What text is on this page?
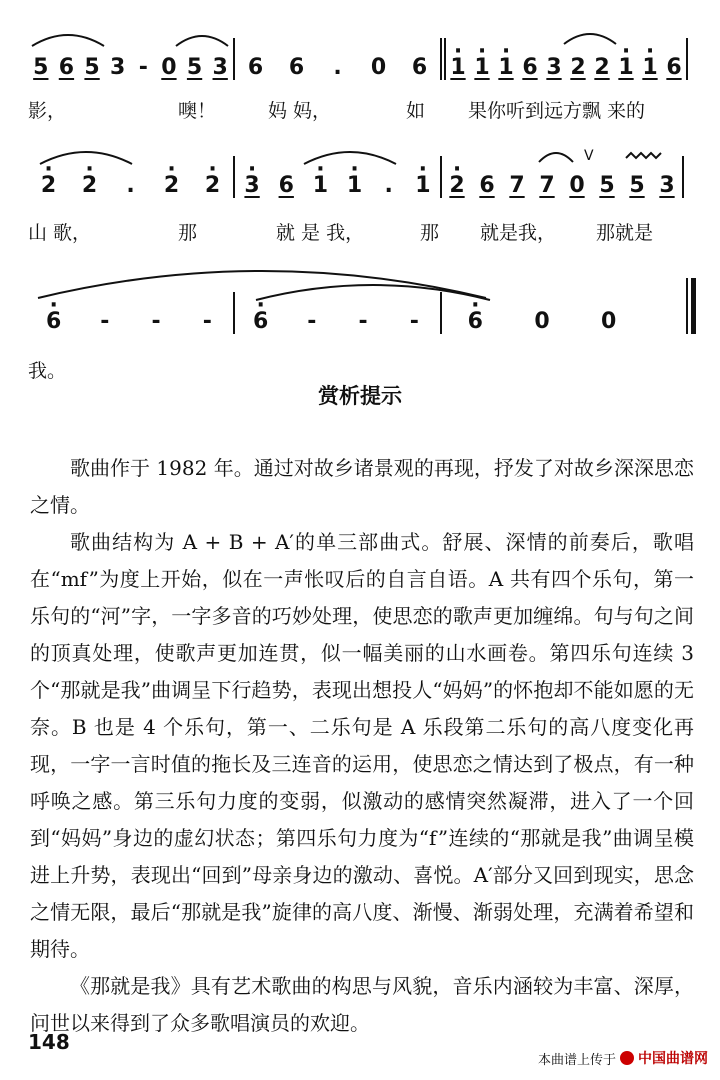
5 6 5 3 - 0 5 3 6 6 . 0 6 · 1 · 1 · 1 6 3 2 2 · 1 · 1 6
影，	噢！	妈 妈，	如 果你听到远方飘 来的
· 2 · 2 . · 2 · 2 · 3 6 · 1 · 1 . · 1 · 2 6 7 7 0 5 5 3
V
山 歌，	那	就 是 我，	那 就是我， 那就是
· 6 - - - · 6 - - - · 6 0 0
我。
赏析提示

歌曲作于 1982 年。通过对故乡诸景观的再现，抒发了对故乡深深思恋之情。

歌曲结构为 A + B + A′的单三部曲式。舒展、深情的前奏后，歌唱在“mf”为度上开始，似在一声怅叹后的自言自语。A 共有四个乐句，第一乐句的“河”字，一字多音的巧妙处理，使思恋的歌声更加缠绵。句与句之间的顶真处理，使歌声更加连贯，似一幅美丽的山水画卷。第四乐句连续 3 个“那就是我”曲调呈下行趋势，表现出想投人“妈妈”的怀抱却不能如愿的无奈。B 也是 4 个乐句，第一、二乐句是 A 乐段第二乐句的高八度变化再现，一字一言时值的拖长及三连音的运用，使思恋之情达到了极点，有一种呼唤之感。第三乐句力度的变弱，似激动的感情突然凝滞，进入了一个回到“妈妈”身边的虚幻状态；第四乐句力度为“f”连续的“那就是我”曲调呈模进上升势，表现出“回到”母亲身边的激动、喜悦。A′部分又回到现实，思念之情无限，最后“那就是我”旋律的高八度、渐慢、渐弱处理，充满着希望和期待。

《那就是我》具有艺术歌曲的构思与风貌，音乐内涵较为丰富、深厚，问世以来得到了众多歌唱演员的欢迎。

148
本曲谱上传于 中国曲谱网
